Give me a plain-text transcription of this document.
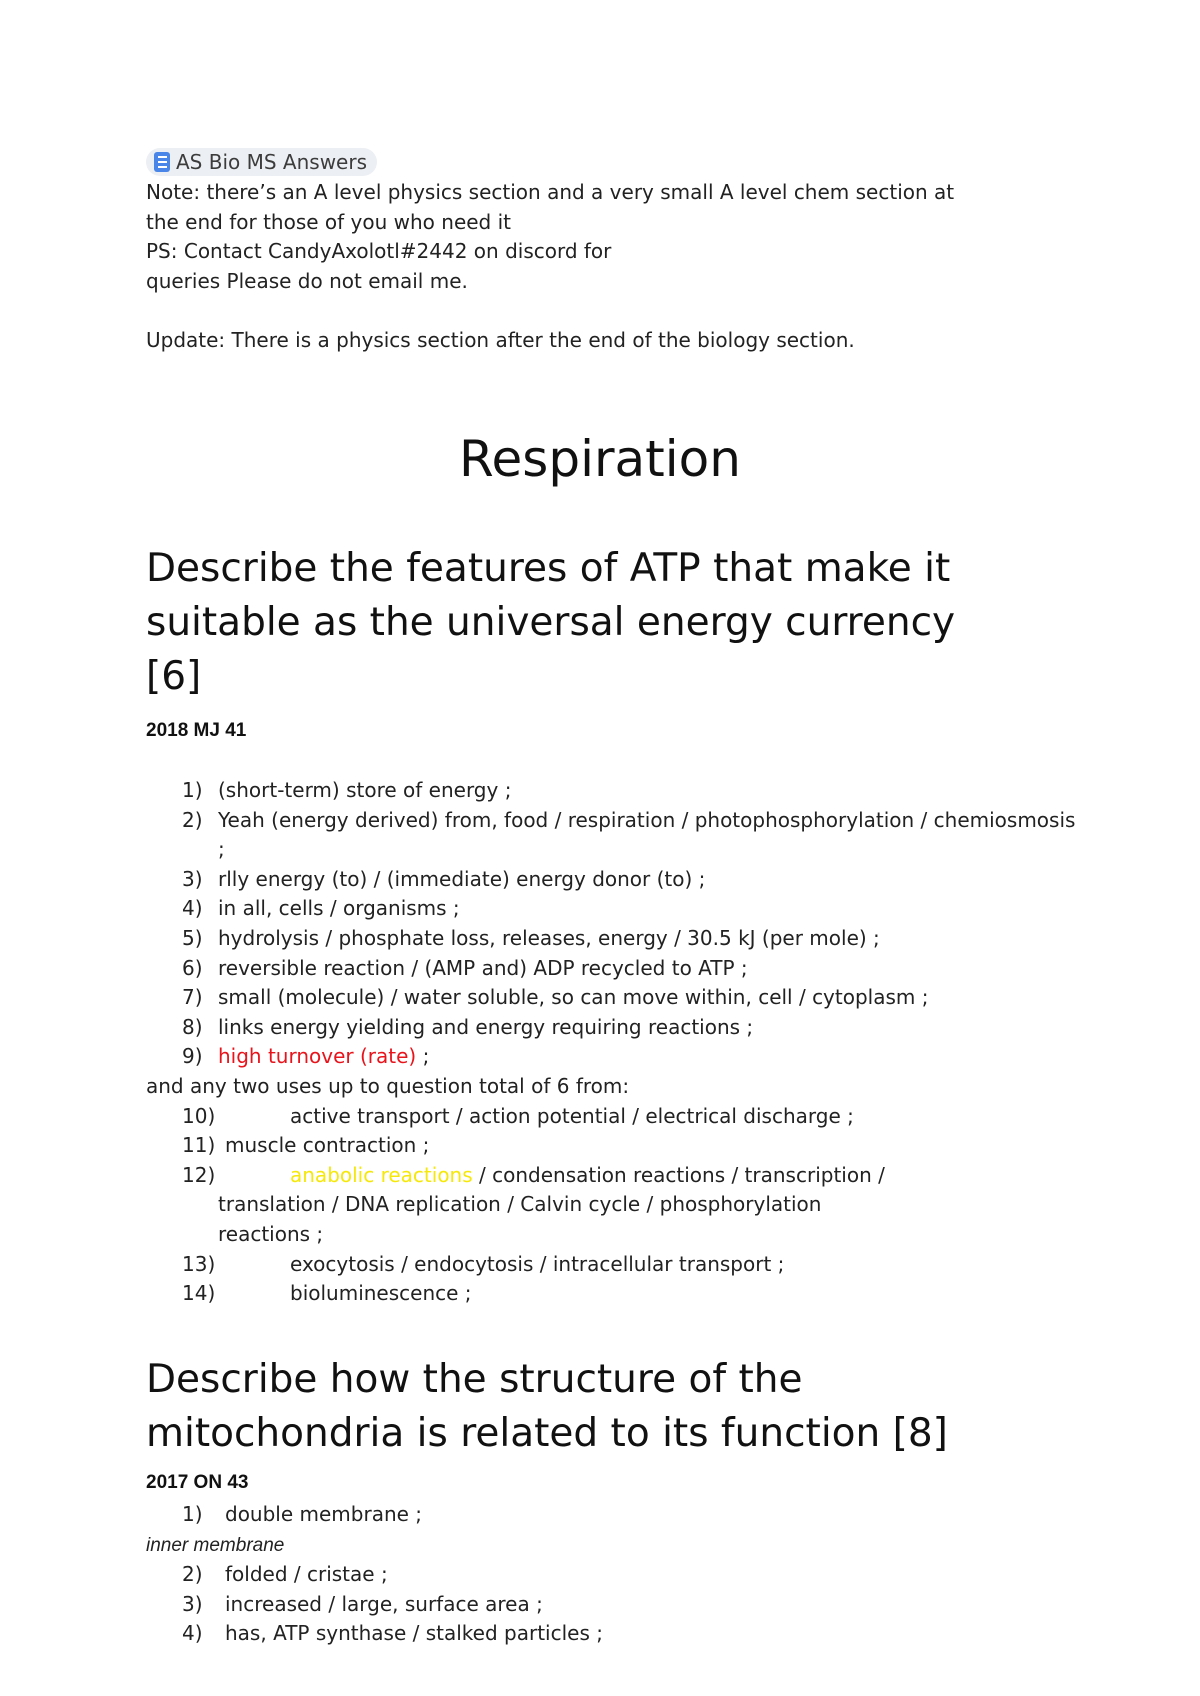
AS Bio MS Answers

Note: there’s an A level physics section and a very small A level chem section at

the end for those of you who need it

PS: Contact CandyAxolotl#2442 on discord for

queries Please do not email me.

Update: There is a physics section after the end of the biology section.

Respiration
Describe the features of ATP that make it
suitable as the universal energy currency
[6]
2018 MJ 41
1) (short-term) store of energy ;
2) Yeah (energy derived) from, food / respiration / photophosphorylation / chemiosmosis
;
3) rlly energy (to) / (immediate) energy donor (to) ;
4) in all, cells / organisms ;
5) hydrolysis / phosphate loss, releases, energy / 30.5 kJ (per mole) ;
6) reversible reaction / (AMP and) ADP recycled to ATP ;
7) small (molecule) / water soluble, so can move within, cell / cytoplasm ;
8) links energy yielding and energy requiring reactions ;
9) high turnover (rate) ;
and any two uses up to question total of 6 from:
10)	active transport / action potential / electrical discharge ;
11) muscle contraction ;
12)	anabolic reactions / condensation reactions / transcription /
translation / DNA replication / Calvin cycle / phosphorylation
reactions ;
13)	exocytosis / endocytosis / intracellular transport ;
14)	bioluminescence ;
Describe how the structure of the
mitochondria is related to its function [8]
2017 ON 43
1)	double membrane ;
inner membrane
2)	folded / cristae ;
3)	increased / large, surface area ;
4)	has, ATP synthase / stalked particles ;
